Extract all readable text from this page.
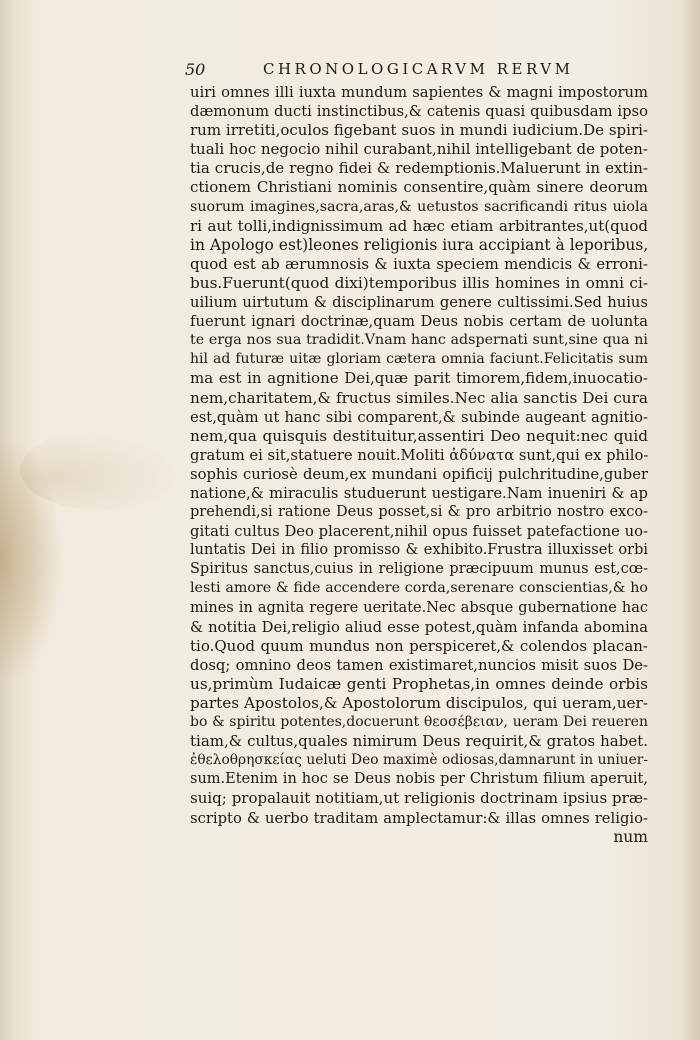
50	CHRONOLOGICARVM RERVM
uiri omnes illi iuxta mundum sapientes & magni impostorum
dæmonum ducti instinctibus,& catenis quasi quibusdam ipso
rum irretiti,oculos figebant suos in mundi iudicium.De spiri-
tuali hoc negocio nihil curabant,nihil intelligebant de poten-
tia crucis,de regno fidei & redemptionis.Maluerunt in extin-
ctionem Christiani nominis consentire,quàm sinere deorum
suorum imagines,sacra,aras,& uetustos sacrificandi ritus uiola
ri aut tolli,indignissimum ad hæc etiam arbitrantes,ut(quod
in Apologo est)leones religionis iura accipiant à leporibus,
quod est ab ærumnosis & iuxta speciem mendicis & erroni-
bus.Fuerunt(quod dixi)temporibus illis homines in omni ci-
uilium uirtutum & disciplinarum genere cultissimi.Sed huius
fuerunt ignari doctrinæ,quam Deus nobis certam de uolunta
te erga nos sua tradidit.Vnam hanc adspernati sunt,sine qua ni
hil ad futuræ uitæ gloriam cætera omnia faciunt.Felicitatis sum
ma est in agnitione Dei,quæ parit timorem,fidem,inuocatio-
nem,charitatem,& fructus similes.Nec alia sanctis Dei cura
est,quàm ut hanc sibi comparent,& subinde augeant agnitio-
nem,qua quisquis destituitur,assentiri Deo nequit:nec quid
gratum ei sit,statuere nouit.Moliti ἀδύνατα sunt,qui ex philo-
sophis curiosè deum,ex mundani opificij pulchritudine,guber
natione,& miraculis studuerunt uestigare.Nam inueniri & ap
prehendi,si ratione Deus posset,si & pro arbitrio nostro exco-
gitati cultus Deo placerent,nihil opus fuisset patefactione uo-
luntatis Dei in filio promisso & exhibito.Frustra illuxisset orbi
Spiritus sanctus,cuius in religione præcipuum munus est,cœ-
lesti amore & fide accendere corda,serenare conscientias,& ho
mines in agnita regere ueritate.Nec absque gubernatione hac
& notitia Dei,religio aliud esse potest,quàm infanda abomina
tio.Quod quum mundus non perspiceret,& colendos placan-
dosq; omnino deos tamen existimaret,nuncios misit suos De-
us,primùm Iudaicæ genti Prophetas,in omnes deinde orbis
partes Apostolos,& Apostolorum discipulos, qui ueram,uer-
bo & spiritu potentes,docuerunt θεοσέβειαν, ueram Dei reueren
tiam,& cultus,quales nimirum Deus requirit,& gratos habet.
ἐθελοθρησκείας ueluti Deo maximè odiosas,damnarunt in uniuer-
sum.Etenim in hoc se Deus nobis per Christum filium aperuit,
suiq; propalauit notitiam,ut religionis doctrinam ipsius præ-
scripto & uerbo traditam amplectamur:& illas omnes religio-
num
